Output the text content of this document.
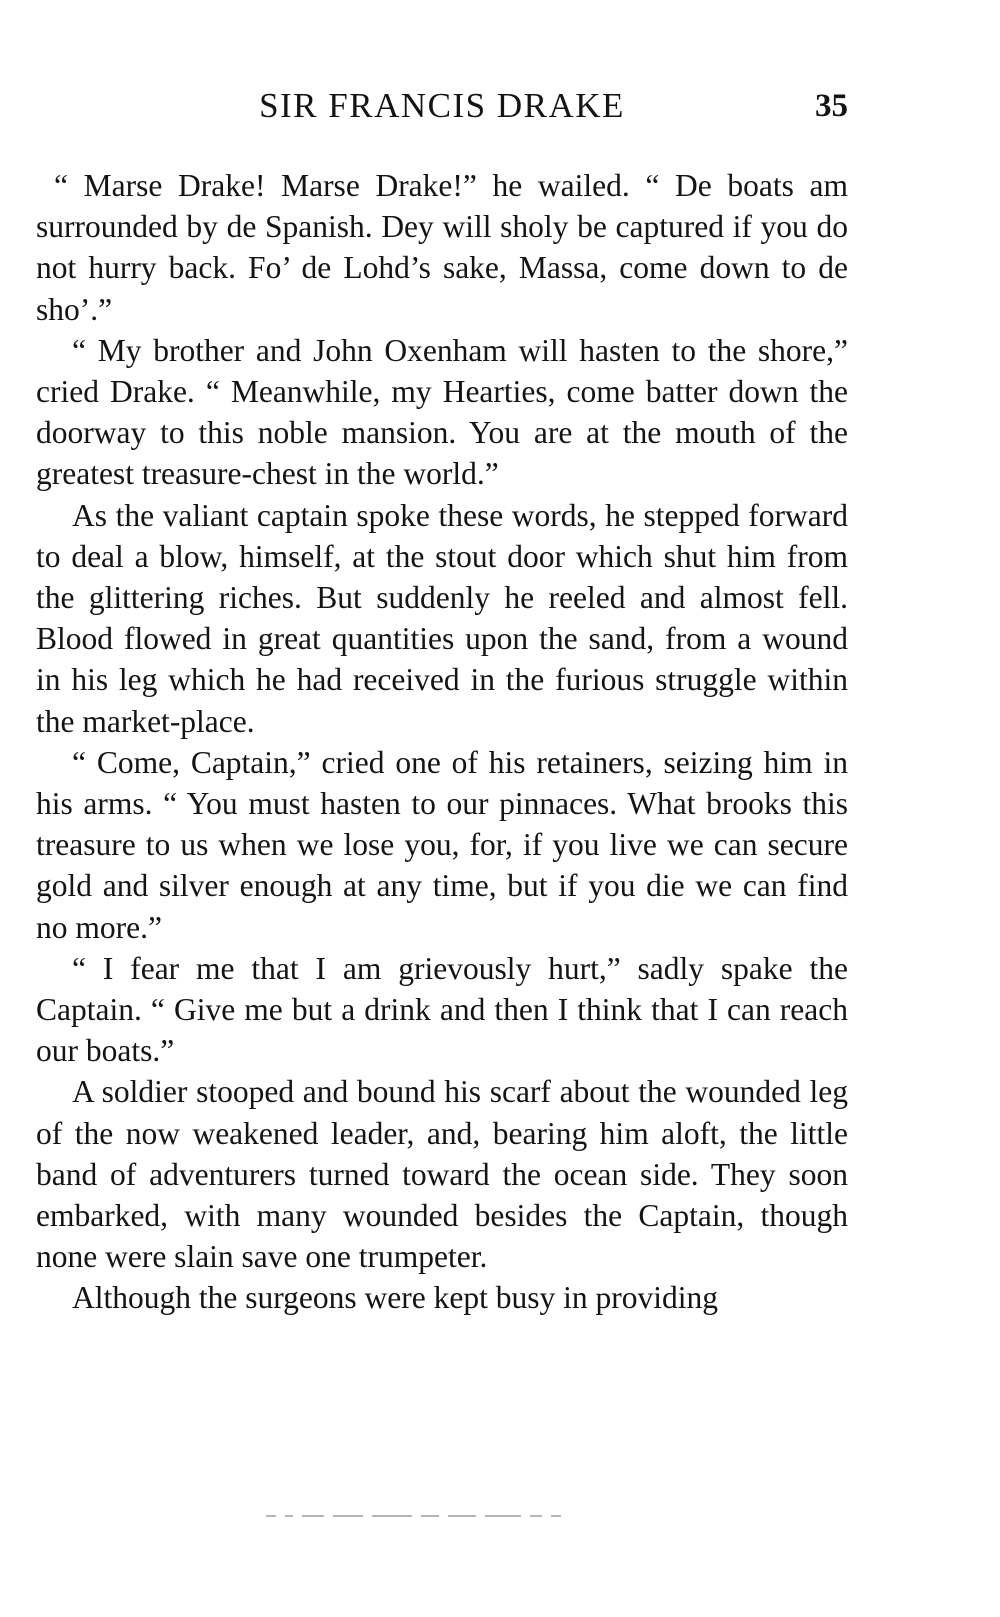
SIR FRANCIS DRAKE	35

“ Marse Drake! Marse Drake!” he wailed. “ De boats am surrounded by de Spanish. Dey will sholy be captured if you do not hurry back. Fo’ de Lohd’s sake, Massa, come down to de sho’.”

“ My brother and John Oxenham will hasten to the shore,” cried Drake. “ Meanwhile, my Hearties, come batter down the doorway to this noble mansion. You are at the mouth of the greatest treasure-chest in the world.”

As the valiant captain spoke these words, he stepped forward to deal a blow, himself, at the stout door which shut him from the glittering riches. But suddenly he reeled and almost fell. Blood flowed in great quantities upon the sand, from a wound in his leg which he had received in the furious struggle within the market-place.

“ Come, Captain,” cried one of his retainers, seizing him in his arms. “ You must hasten to our pinnaces. What brooks this treasure to us when we lose you, for, if you live we can secure gold and silver enough at any time, but if you die we can find no more.”

“ I fear me that I am grievously hurt,” sadly spake the Captain. “ Give me but a drink and then I think that I can reach our boats.”

A soldier stooped and bound his scarf about the wounded leg of the now weakened leader, and, bearing him aloft, the little band of adventurers turned toward the ocean side. They soon embarked, with many wounded besides the Captain, though none were slain save one trumpeter.

Although the surgeons were kept busy in providing
